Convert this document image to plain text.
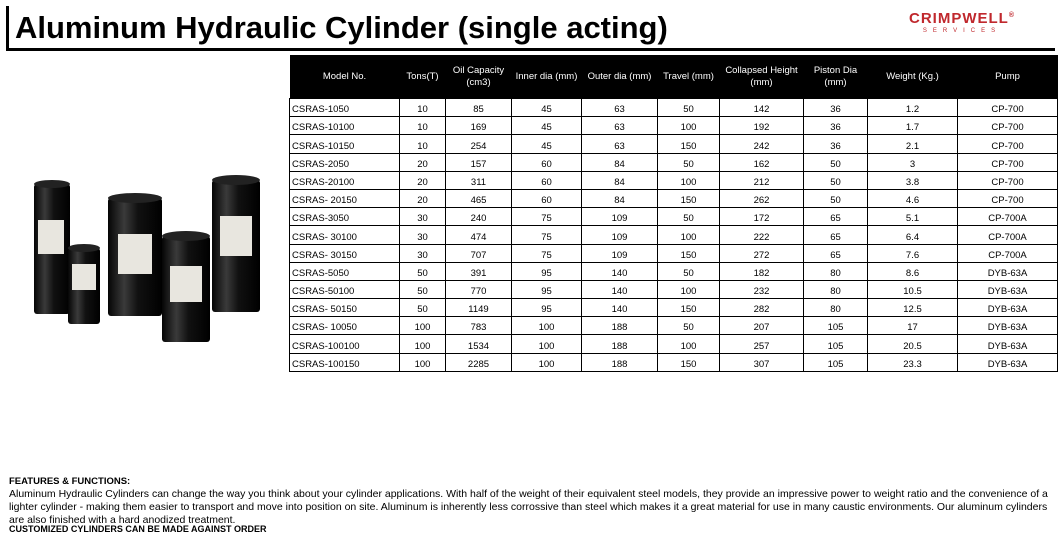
Aluminum Hydraulic Cylinder (single acting)	CRIMPWELL®
SERVICES
Model No.	Tons(T)	Oil Capacity (cm3)	Inner dia (mm)	Outer dia (mm)	Travel (mm)	Collapsed Height (mm)	Piston Dia (mm)	Weight (Kg.)	Pump
CSRAS-1050	10	85	45	63	50	142	36	1.2	CP-700
CSRAS-10100	10	169	45	63	100	192	36	1.7	CP-700
CSRAS-10150	10	254	45	63	150	242	36	2.1	CP-700
CSRAS-2050	20	157	60	84	50	162	50	3	CP-700
CSRAS-20100	20	311	60	84	100	212	50	3.8	CP-700
CSRAS- 20150	20	465	60	84	150	262	50	4.6	CP-700
CSRAS-3050	30	240	75	109	50	172	65	5.1	CP-700A
CSRAS- 30100	30	474	75	109	100	222	65	6.4	CP-700A
CSRAS- 30150	30	707	75	109	150	272	65	7.6	CP-700A
CSRAS-5050	50	391	95	140	50	182	80	8.6	DYB-63A
CSRAS-50100	50	770	95	140	100	232	80	10.5	DYB-63A
CSRAS- 50150	50	1149	95	140	150	282	80	12.5	DYB-63A
CSRAS- 10050	100	783	100	188	50	207	105	17	DYB-63A
CSRAS-100100	100	1534	100	188	100	257	105	20.5	DYB-63A
CSRAS-100150	100	2285	100	188	150	307	105	23.3	DYB-63A
FEATURES & FUNCTIONS:
Aluminum Hydraulic Cylinders can change the way you think about your cylinder applications. With half of the weight of their equivalent steel models, they provide an impressive power to weight ratio and the convenience of a lighter cylinder - making them easier to transport and move into position on site. Aluminum is inherently less corrossive than steel which makes it a great material for use in many caustic environments. Our aluminum cylinders are also finished with a hard anodized treatment.
CUSTOMIZED CYLINDERS CAN BE MADE AGAINST ORDER
